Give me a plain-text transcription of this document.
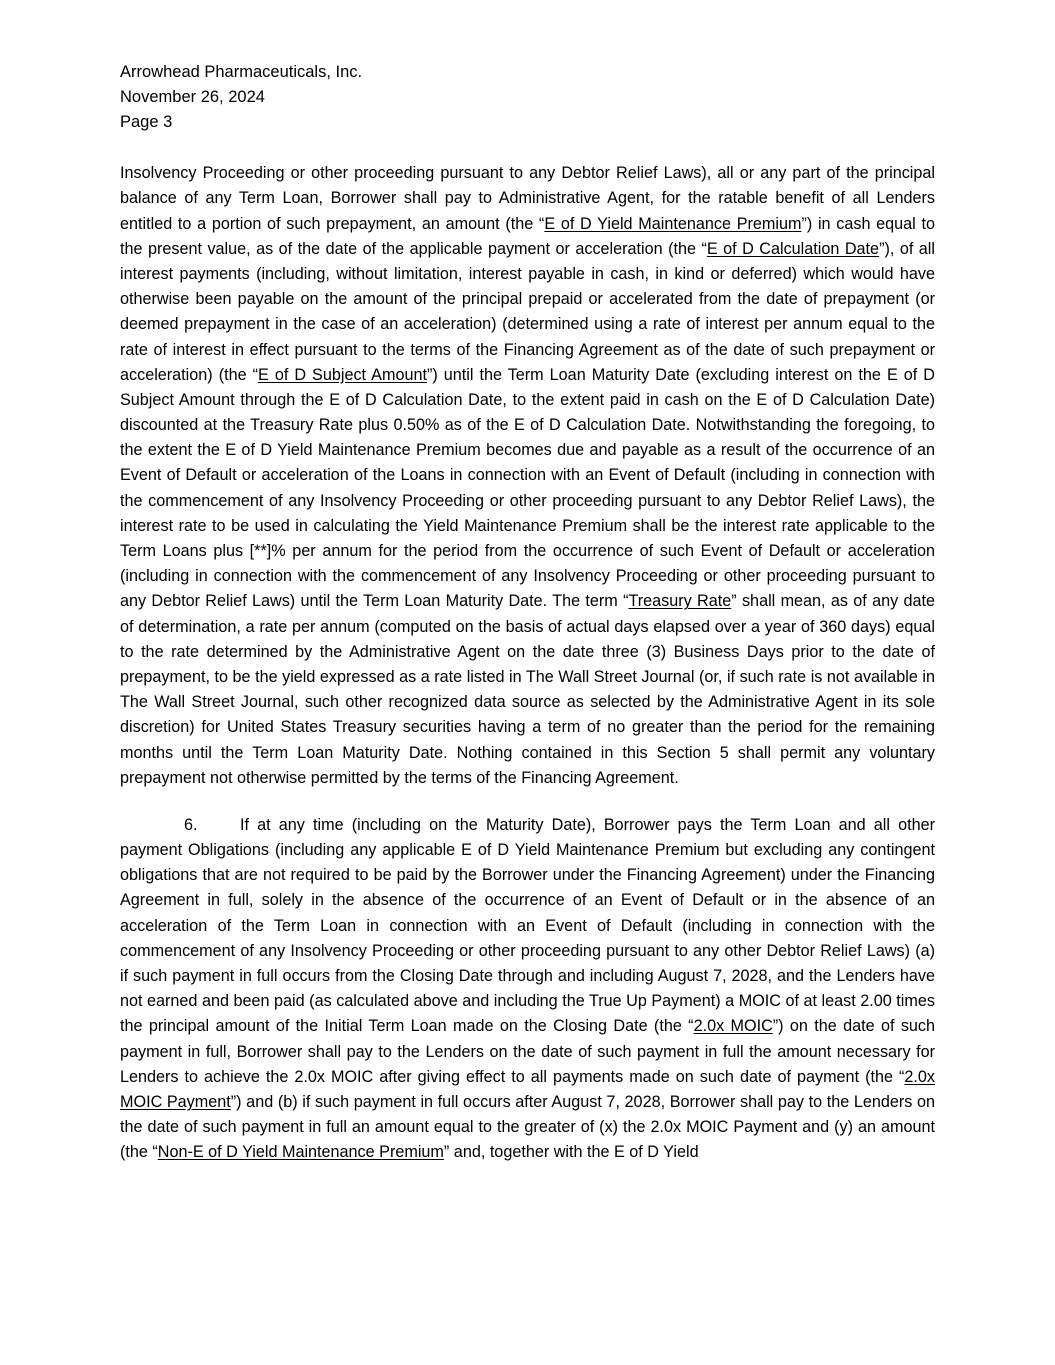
Arrowhead Pharmaceuticals, Inc.
November 26, 2024
Page 3

Insolvency Proceeding or other proceeding pursuant to any Debtor Relief Laws), all or any part of the principal balance of any Term Loan, Borrower shall pay to Administrative Agent, for the ratable benefit of all Lenders entitled to a portion of such prepayment, an amount (the “E of D Yield Maintenance Premium”) in cash equal to the present value, as of the date of the applicable payment or acceleration (the “E of D Calculation Date”), of all interest payments (including, without limitation, interest payable in cash, in kind or deferred) which would have otherwise been payable on the amount of the principal prepaid or accelerated from the date of prepayment (or deemed prepayment in the case of an acceleration) (determined using a rate of interest per annum equal to the rate of interest in effect pursuant to the terms of the Financing Agreement as of the date of such prepayment or acceleration) (the “E of D Subject Amount”) until the Term Loan Maturity Date (excluding interest on the E of D Subject Amount through the E of D Calculation Date, to the extent paid in cash on the E of D Calculation Date) discounted at the Treasury Rate plus 0.50% as of the E of D Calculation Date. Notwithstanding the foregoing, to the extent the E of D Yield Maintenance Premium becomes due and payable as a result of the occurrence of an Event of Default or acceleration of the Loans in connection with an Event of Default (including in connection with the commencement of any Insolvency Proceeding or other proceeding pursuant to any Debtor Relief Laws), the interest rate to be used in calculating the Yield Maintenance Premium shall be the interest rate applicable to the Term Loans plus [**]% per annum for the period from the occurrence of such Event of Default or acceleration (including in connection with the commencement of any Insolvency Proceeding or other proceeding pursuant to any Debtor Relief Laws) until the Term Loan Maturity Date. The term “Treasury Rate” shall mean, as of any date of determination, a rate per annum (computed on the basis of actual days elapsed over a year of 360 days) equal to the rate determined by the Administrative Agent on the date three (3) Business Days prior to the date of prepayment, to be the yield expressed as a rate listed in The Wall Street Journal (or, if such rate is not available in The Wall Street Journal, such other recognized data source as selected by the Administrative Agent in its sole discretion) for United States Treasury securities having a term of no greater than the period for the remaining months until the Term Loan Maturity Date. Nothing contained in this Section 5 shall permit any voluntary prepayment not otherwise permitted by the terms of the Financing Agreement.

6.	If at any time (including on the Maturity Date), Borrower pays the Term Loan and all other payment Obligations (including any applicable E of D Yield Maintenance Premium but excluding any contingent obligations that are not required to be paid by the Borrower under the Financing Agreement) under the Financing Agreement in full, solely in the absence of the occurrence of an Event of Default or in the absence of an acceleration of the Term Loan in connection with an Event of Default (including in connection with the commencement of any Insolvency Proceeding or other proceeding pursuant to any other Debtor Relief Laws) (a) if such payment in full occurs from the Closing Date through and including August 7, 2028, and the Lenders have not earned and been paid (as calculated above and including the True Up Payment) a MOIC of at least 2.00 times the principal amount of the Initial Term Loan made on the Closing Date (the “2.0x MOIC”) on the date of such payment in full, Borrower shall pay to the Lenders on the date of such payment in full the amount necessary for Lenders to achieve the 2.0x MOIC after giving effect to all payments made on such date of payment (the “2.0x MOIC Payment”) and (b) if such payment in full occurs after August 7, 2028, Borrower shall pay to the Lenders on the date of such payment in full an amount equal to the greater of (x) the 2.0x MOIC Payment and (y) an amount (the “Non-E of D Yield Maintenance Premium” and, together with the E of D Yield
